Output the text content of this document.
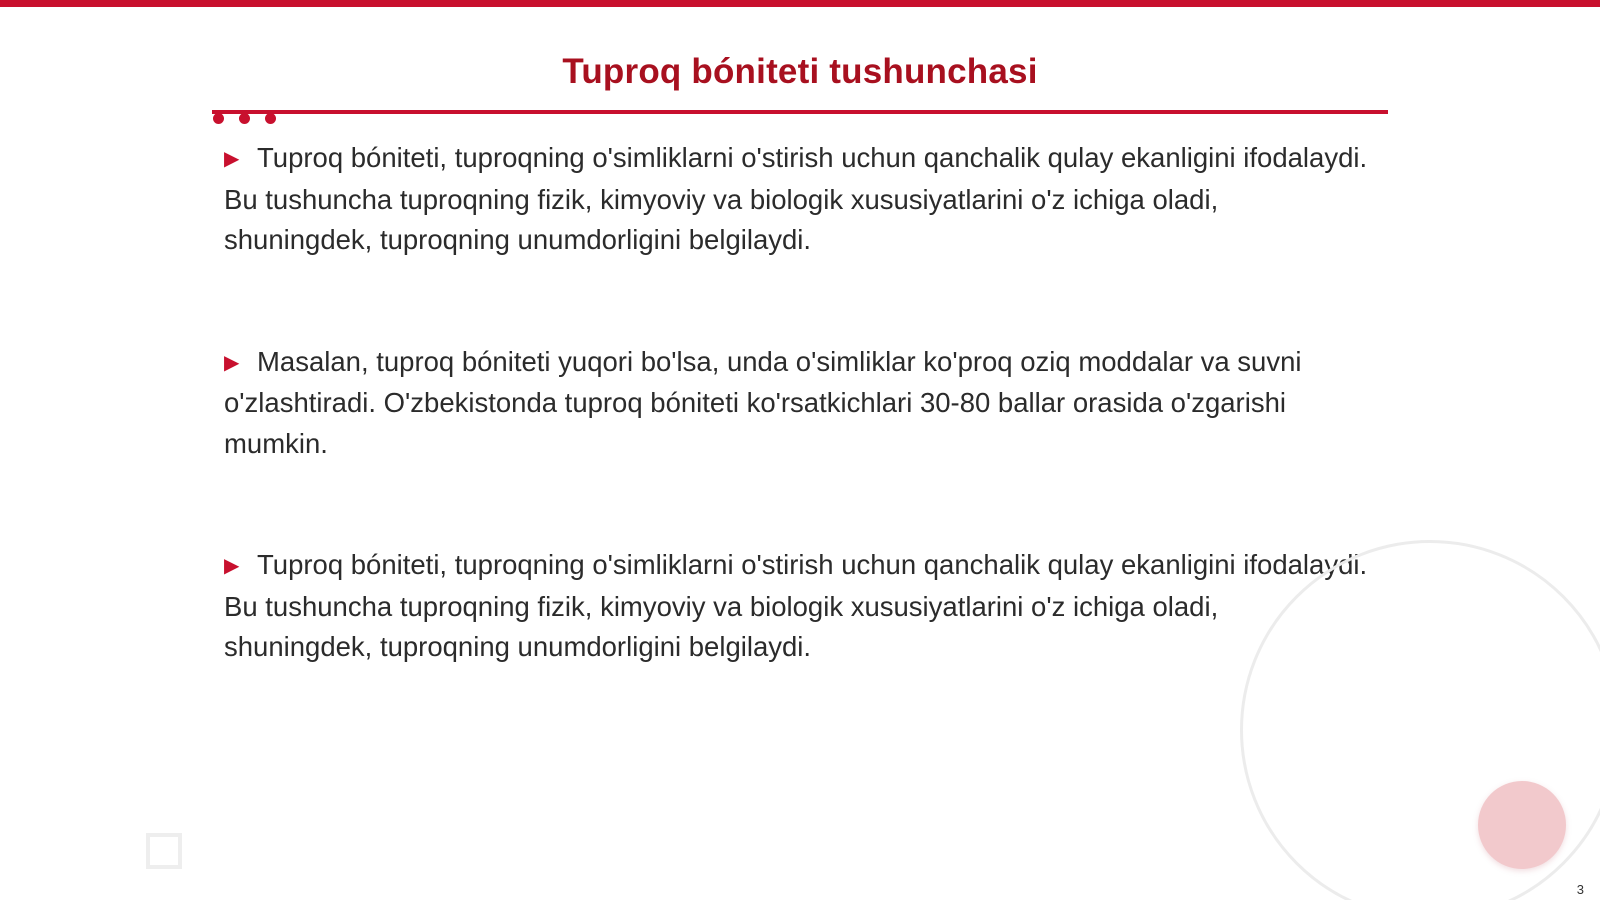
Tuproq bóniteti tushunchasi

▶ Tuproq bóniteti, tuproqning o'simliklarni o'stirish uchun qanchalik qulay ekanligini ifodalaydi. Bu tushuncha tuproqning fizik, kimyoviy va biologik xususiyatlarini o'z ichiga oladi, shuningdek, tuproqning unumdorligini belgilaydi.

▶ Masalan, tuproq bóniteti yuqori bo'lsa, unda o'simliklar ko'proq oziq moddalar va suvni o'zlashtiradi. O'zbekistonda tuproq bóniteti ko'rsatkichlari 30-80 ballar orasida o'zgarishi mumkin.

▶ Tuproq bóniteti, tuproqning o'simliklarni o'stirish uchun qanchalik qulay ekanligini ifodalaydi. Bu tushuncha tuproqning fizik, kimyoviy va biologik xususiyatlarini o'z ichiga oladi, shuningdek, tuproqning unumdorligini belgilaydi.

3
